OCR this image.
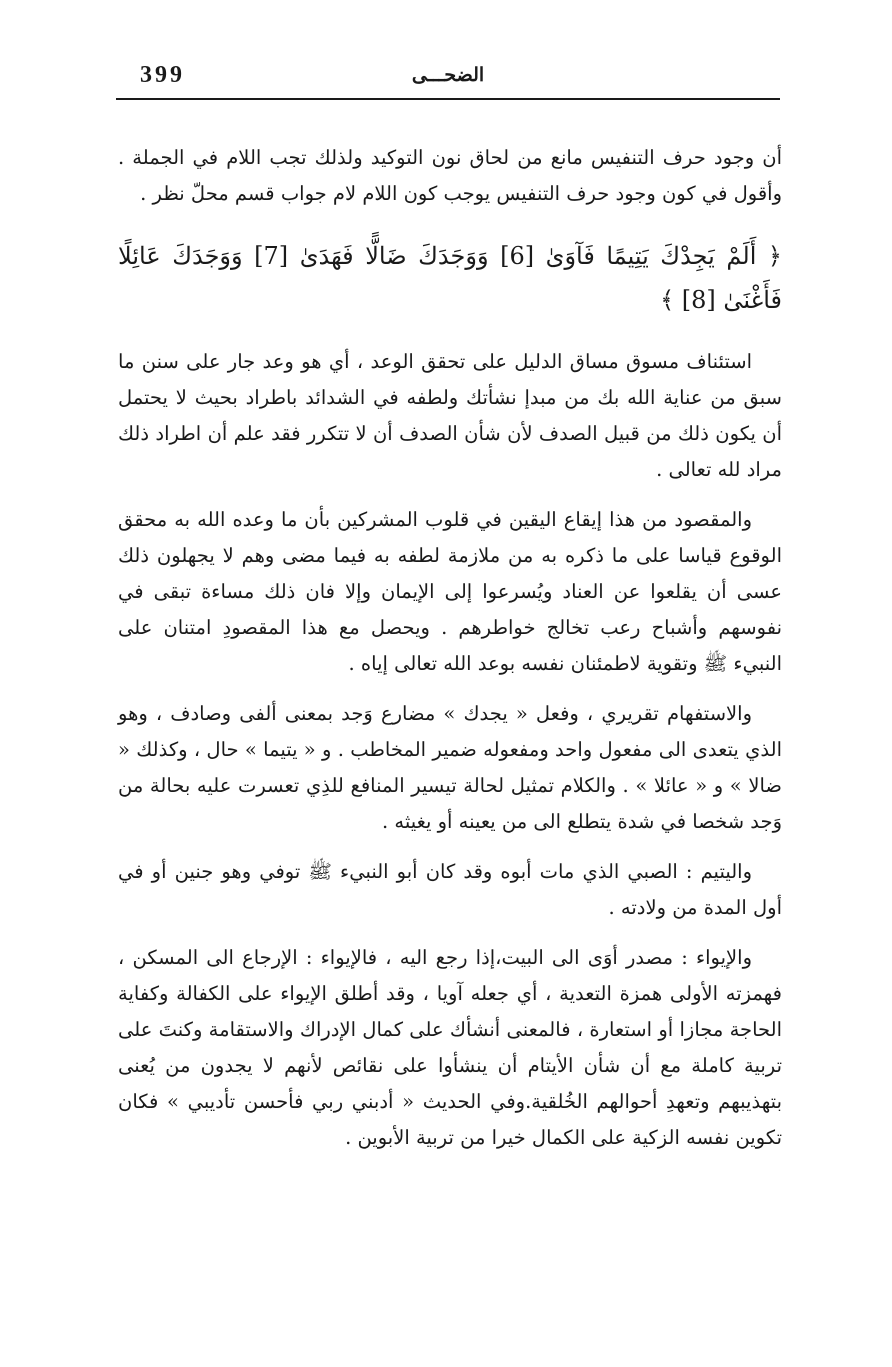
399	الضحـــى

أن وجود حرف التنفيس مانع من لحاق نون التوكيد ولذلك تجب اللام في الجملة . وأقول في كون وجود حرف التنفيس يوجب كون اللام لام جواب قسم محلّ نظر .

﴿ أَلَمْ يَجِدْكَ يَتِيمًا فَآوَىٰ [6] وَوَجَدَكَ ضَالًّا فَهَدَىٰ [7] وَوَجَدَكَ عَائِلًا فَأَغْنَىٰ [8] ﴾

استئناف مسوق مساق الدليل على تحقق الوعد ، أي هو وعد جار على سنن ما سبق من عناية الله بك من مبدإ نشأتك ولطفه في الشدائد باطراد بحيث لا يحتمل أن يكون ذلك من قبيل الصدف لأن شأن الصدف أن لا تتكرر فقد علم أن اطراد ذلك مراد لله تعالى .

والمقصود من هذا إيقاع اليقين في قلوب المشركين بأن ما وعده الله به محقق الوقوع قياسا على ما ذكره به من ملازمة لطفه به فيما مضى وهم لا يجهلون ذلك عسى أن يقلعوا عن العناد ويُسرعوا إلى الإيمان وإلا فان ذلك مساءة تبقى في نفوسهم وأشباح رعب تخالج خواطرهم . ويحصل مع هذا المقصودِ امتنان على النبيء ﷺ وتقوية لاطمئنان نفسه بوعد الله تعالى إياه .

والاستفهام تقريري ، وفعل « يجدك » مضارع وَجد بمعنى ألفى وصادف ، وهو الذي يتعدى الى مفعول واحد ومفعوله ضمير المخاطب . و « يتيما » حال ، وكذلك « ضالا » و « عائلا » . والكلام تمثيل لحالة تيسير المنافع للذِي تعسرت عليه بحالة من وَجد شخصا في شدة يتطلع الى من يعينه أو يغيثه .

واليتيم : الصبي الذي مات أبوه وقد كان أبو النبيء ﷺ توفي وهو جنين أو في أول المدة من ولادته .

والإيواء : مصدر أوَى الى البيت،إذا رجع اليه ، فالإيواء : الإرجاع الى المسكن ، فهمزته الأولى همزة التعدية ، أي جعله آويا ، وقد أطلق الإيواء على الكفالة وكفاية الحاجة مجازا أو استعارة ، فالمعنى أنشأك على كمال الإدراك والاستقامة وكنتَ على تربية كاملة مع أن شأن الأيتام أن ينشأوا على نقائص لأنهم لا يجدون من يُعنى بتهذيبهم وتعهدِ أحوالهم الخُلقية.وفي الحديث « أدبني ربي فأحسن تأديبي » فكان تكوين نفسه الزكية على الكمال خيرا من تربية الأبوين .
